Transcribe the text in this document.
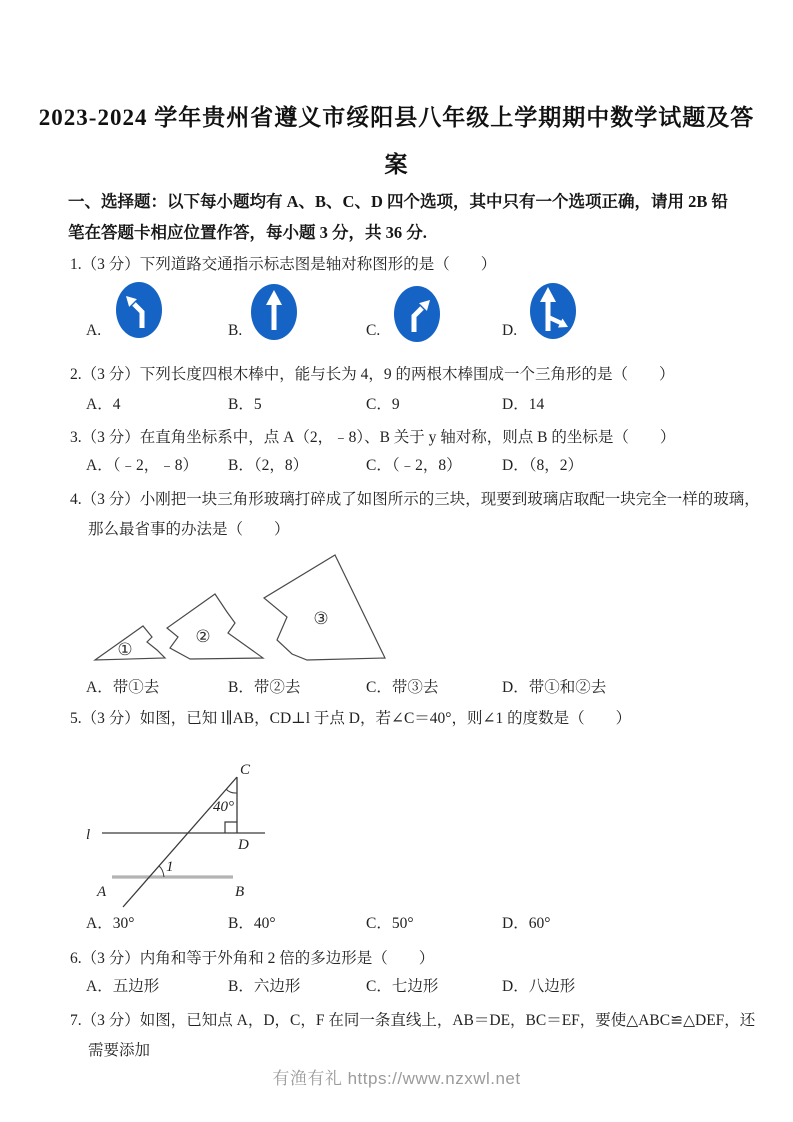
2023-2024 学年贵州省遵义市绥阳县八年级上学期期中数学试题及答案
一、选择题：以下每小题均有 A、B、C、D 四个选项，其中只有一个选项正确，请用 2B 铅笔在答题卡相应位置作答，每小题 3 分，共 36 分.
1.（3 分）下列道路交通指示标志图是轴对称图形的是（　　）
A.	B.	C.	D.
2.（3 分）下列长度四根木棒中，能与长为 4，9 的两根木棒围成一个三角形的是（　　）
A．4	B．5	C．9	D．14
3.（3 分）在直角坐标系中，点 A（2，﹣8）、B 关于 y 轴对称，则点 B 的坐标是（　　）
A．（﹣2，﹣8） B．（2，8）	C．（﹣2，8）	D．（8，2）
4.（3 分）小刚把一块三角形玻璃打碎成了如图所示的三块，现要到玻璃店取配一块完全一样的玻璃，那么最省事的办法是（　　）
①
②
③
A．带①去	B．带②去	C．带③去	D．带①和②去
5.（3 分）如图，已知 l∥AB，CD⊥l 于点 D，若∠C＝40°，则∠1 的度数是（　　）
C
40°
l
D
1
A	B
A．30°	B．40°	C．50°	D．60°
6.（3 分）内角和等于外角和 2 倍的多边形是（　　）
A．五边形	B．六边形	C．七边形	D．八边形
7.（3 分）如图，已知点 A，D，C，F 在同一条直线上，AB＝DE，BC＝EF，要使△ABC≌△DEF，还需要添加
有渔有礼 https://www.nzxwl.net
